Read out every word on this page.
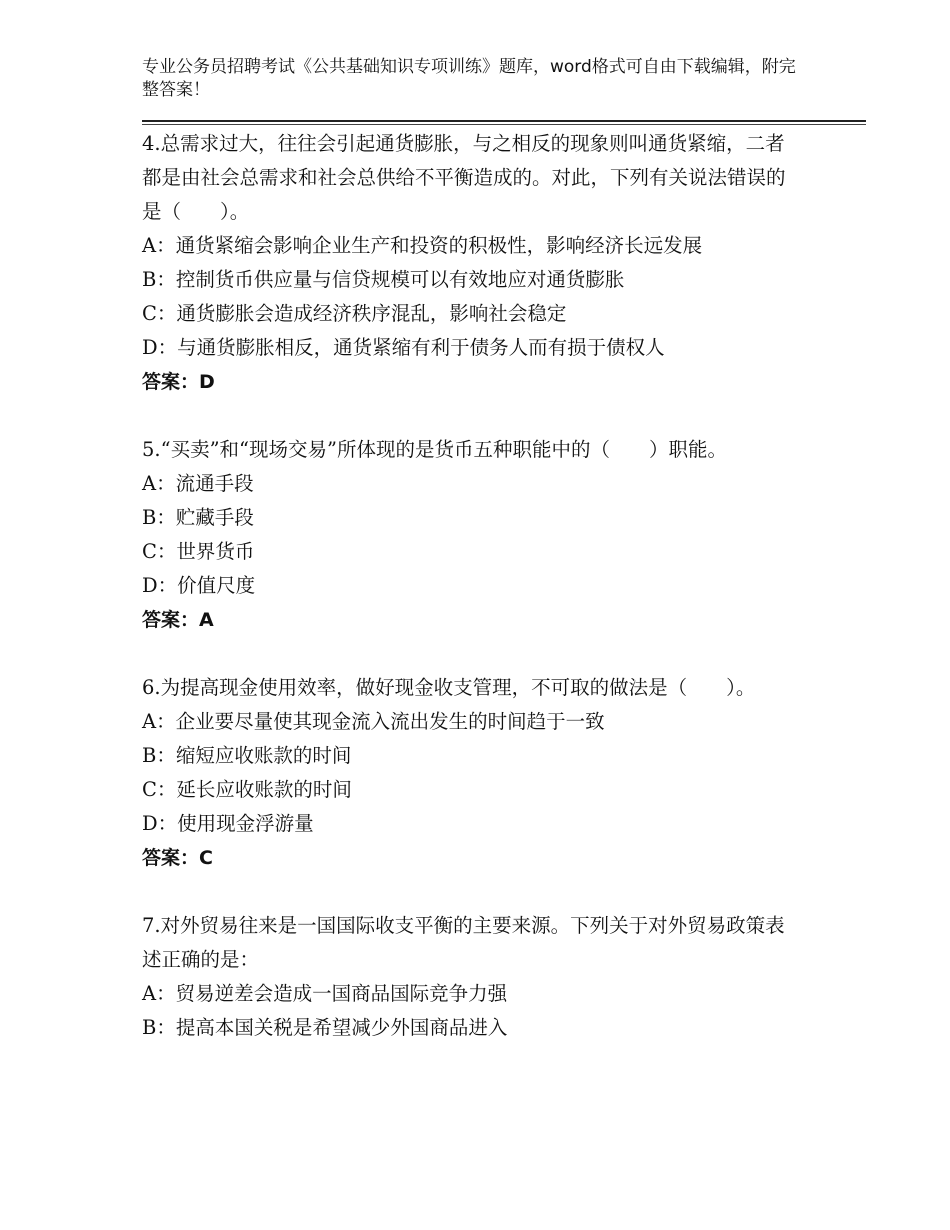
专业公务员招聘考试《公共基础知识专项训练》题库，word格式可自由下载编辑，附完整答案！

4.总需求过大，往往会引起通货膨胀，与之相反的现象则叫通货紧缩，二者都是由社会总需求和社会总供给不平衡造成的。对此，下列有关说法错误的是（　　）。

A：通货紧缩会影响企业生产和投资的积极性，影响经济长远发展

B：控制货币供应量与信贷规模可以有效地应对通货膨胀

C：通货膨胀会造成经济秩序混乱，影响社会稳定

D：与通货膨胀相反，通货紧缩有利于债务人而有损于债权人

答案：D

5.“买卖”和“现场交易”所体现的是货币五种职能中的（　　）职能。

A：流通手段

B：贮藏手段

C：世界货币

D：价值尺度

答案：A

6.为提高现金使用效率，做好现金收支管理，不可取的做法是（　　）。

A：企业要尽量使其现金流入流出发生的时间趋于一致

B：缩短应收账款的时间

C：延长应收账款的时间

D：使用现金浮游量

答案：C

7.对外贸易往来是一国国际收支平衡的主要来源。下列关于对外贸易政策表述正确的是：

A：贸易逆差会造成一国商品国际竞争力强

B：提高本国关税是希望减少外国商品进入
